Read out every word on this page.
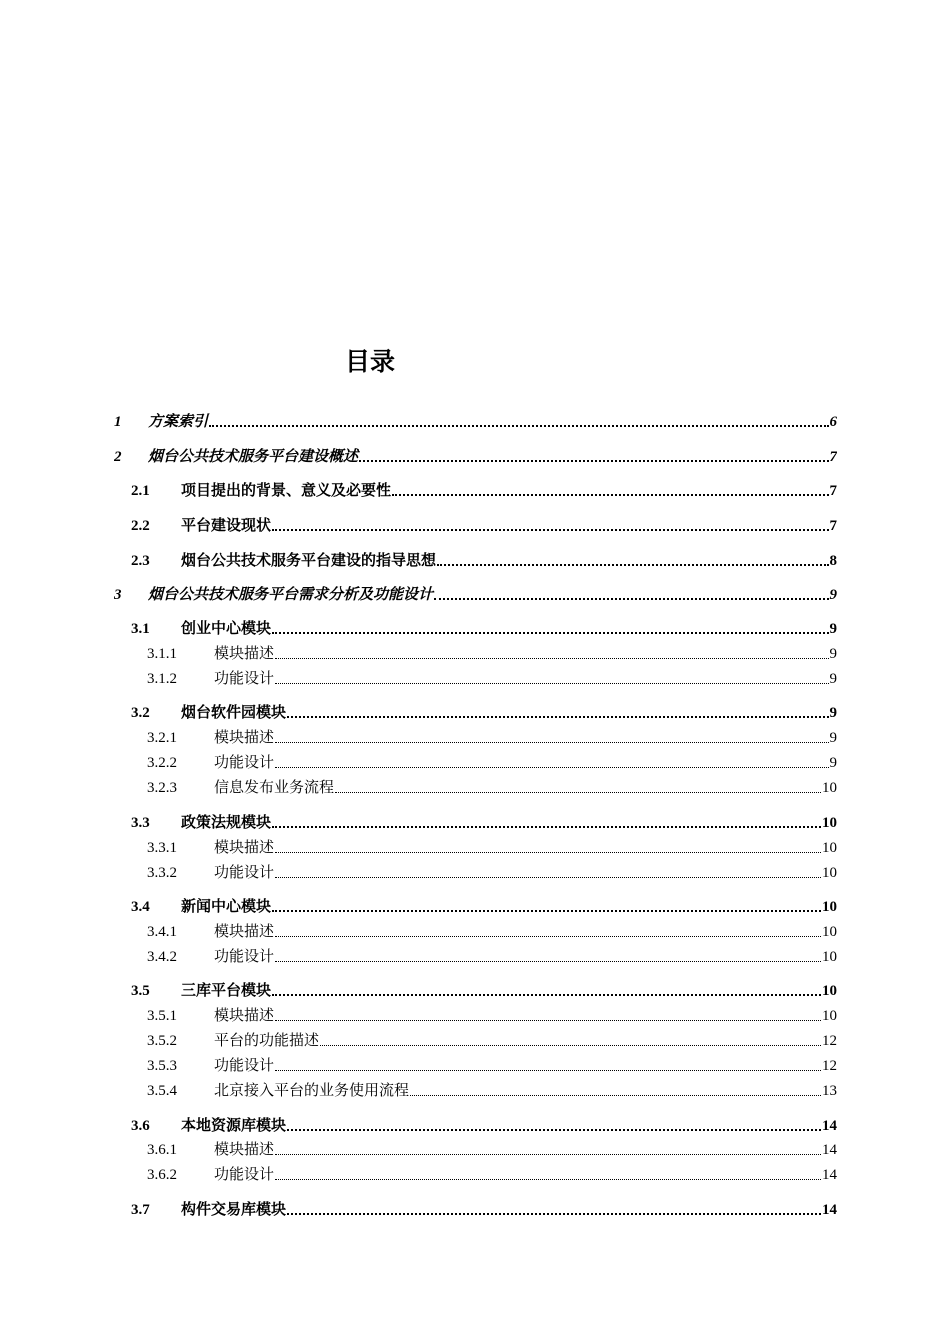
目录
1	方案索引	6
2	烟台公共技术服务平台建设概述	7
2.1	项目提出的背景、意义及必要性	7
2.2	平台建设现状	7
2.3	烟台公共技术服务平台建设的指导思想	8
3	烟台公共技术服务平台需求分析及功能设计	9
3.1	创业中心模块	9
3.1.1	模块描述	9
3.1.2	功能设计	9
3.2	烟台软件园模块	9
3.2.1	模块描述	9
3.2.2	功能设计	9
3.2.3	信息发布业务流程	10
3.3	政策法规模块	10
3.3.1	模块描述	10
3.3.2	功能设计	10
3.4	新闻中心模块	10
3.4.1	模块描述	10
3.4.2	功能设计	10
3.5	三库平台模块	10
3.5.1	模块描述	10
3.5.2	平台的功能描述	12
3.5.3	功能设计	12
3.5.4	北京接入平台的业务使用流程	13
3.6	本地资源库模块	14
3.6.1	模块描述	14
3.6.2	功能设计	14
3.7	构件交易库模块	14
